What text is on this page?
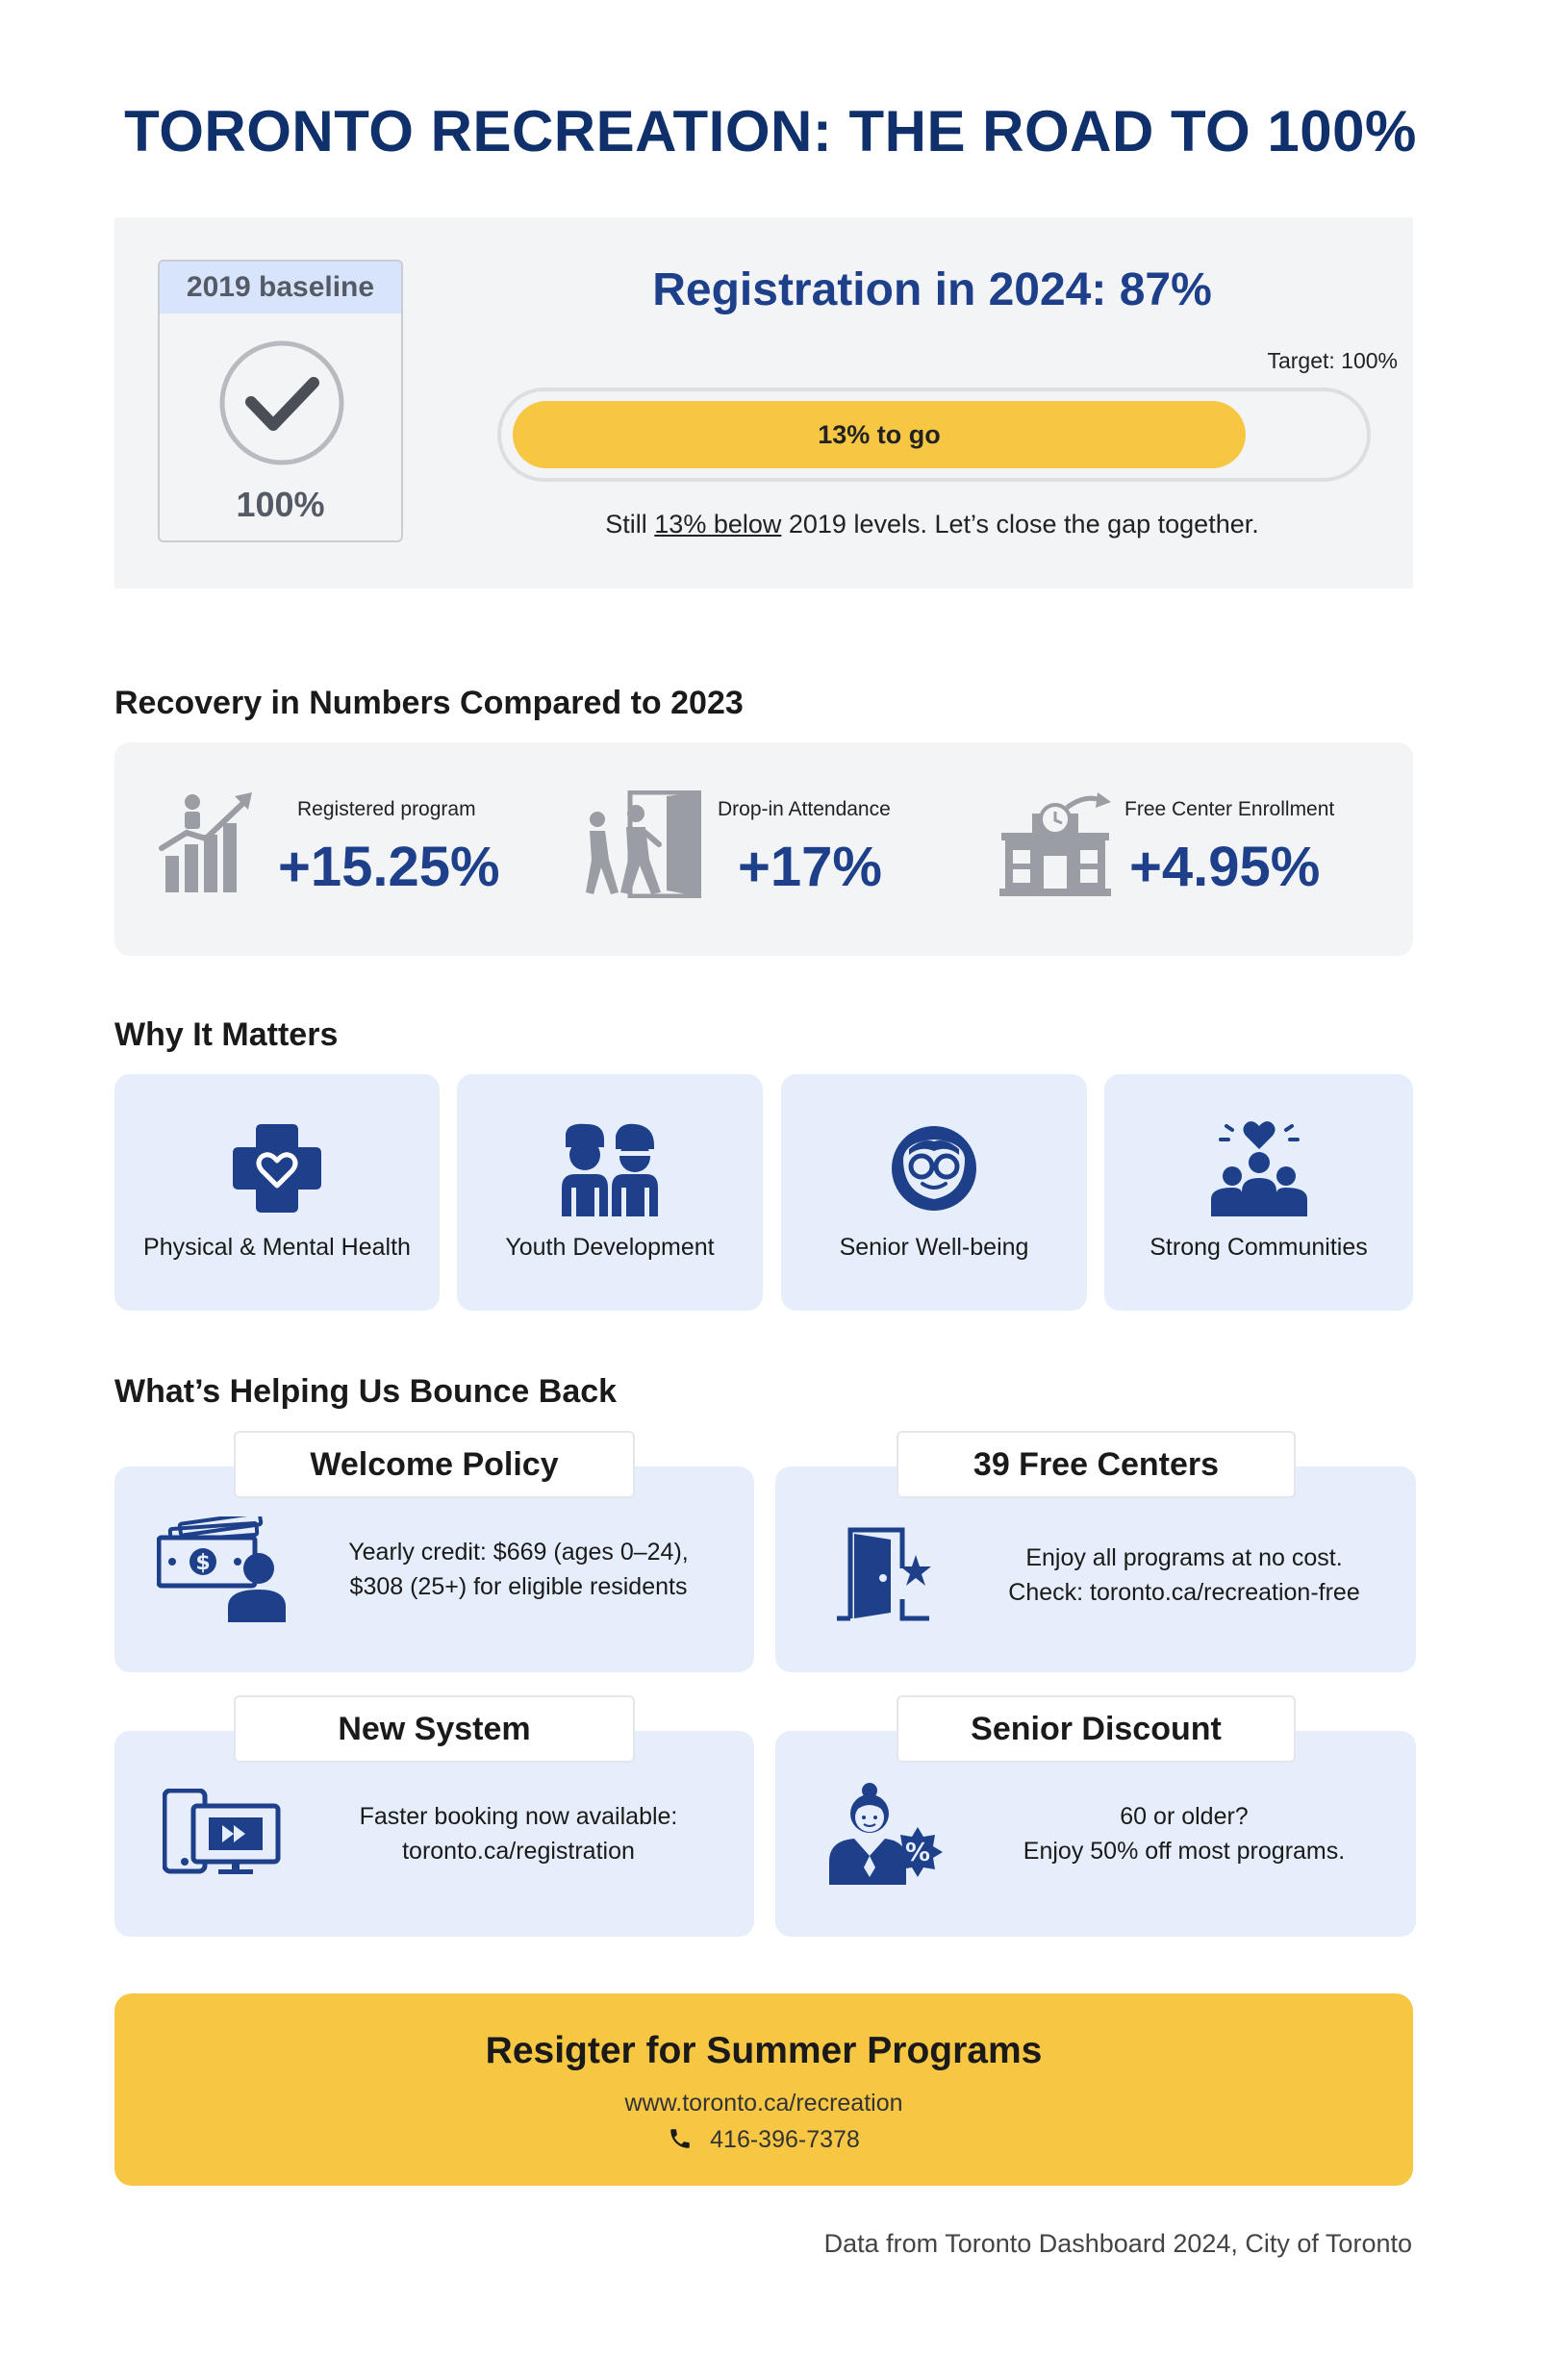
TORONTO RECREATION: THE ROAD TO 100%
2019 baseline
100%
Registration in 2024: 87%
Target: 100%
13% to go
Still 13% below 2019 levels. Let’s close the gap together.
Recovery in Numbers Compared to 2023
Registered program
+15.25%
Drop-in Attendance
+17%
Free Center Enrollment
+4.95%
Why It Matters
Physical & Mental Health	Youth Development	Senior Well-being	Strong Communities
What’s Helping Us Bounce Back
$	Yearly credit: $669 (ages 0–24),
$308 (25+) for eligible residents
Welcome Policy
Enjoy all programs at no cost.
Check: toronto.ca/recreation-free
39 Free Centers
Faster booking now available:
toronto.ca/registration
New System
%
60 or older?
Enjoy 50% off most programs.
Senior Discount
Resigter for Summer Programs
www.toronto.ca/recreation
416-396-7378
Data from Toronto Dashboard 2024, City of Toronto
